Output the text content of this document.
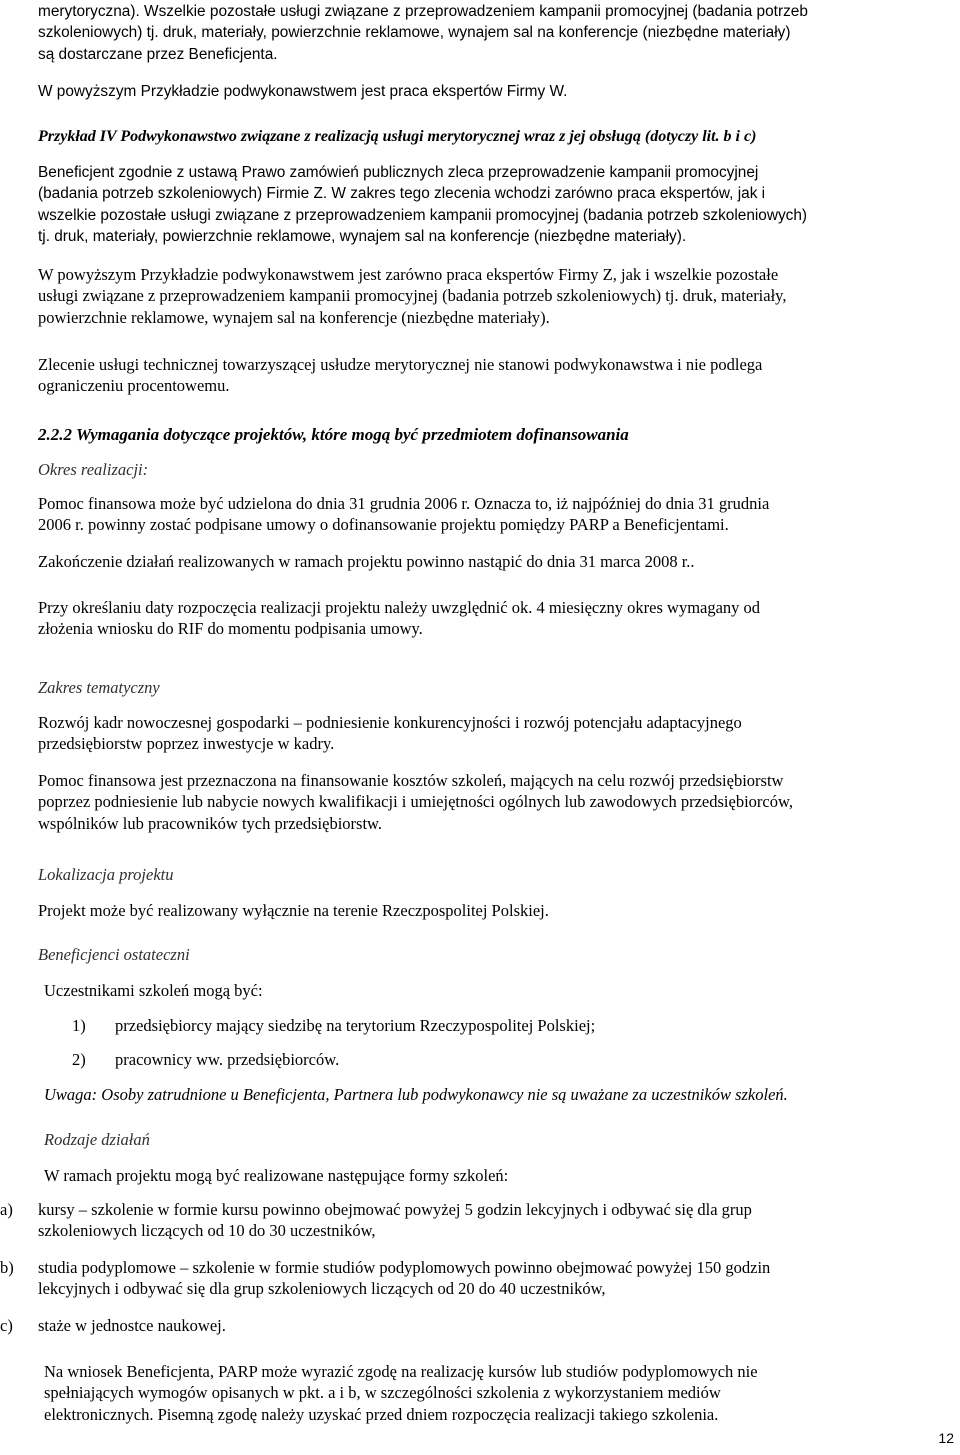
merytoryczna). Wszelkie pozostałe usługi związane z przeprowadzeniem kampanii promocyjnej (badania potrzeb
szkoleniowych) tj. druk, materiały, powierzchnie reklamowe, wynajem sal na konferencje (niezbędne materiały)
są dostarczane przez Beneficjenta.

W powyższym Przykładzie podwykonawstwem jest praca ekspertów Firmy W.

Przykład IV Podwykonawstwo związane z realizacją usługi merytorycznej wraz z jej obsługą (dotyczy lit. b i c)

Beneficjent zgodnie z ustawą Prawo zamówień publicznych zleca przeprowadzenie kampanii promocyjnej
(badania potrzeb szkoleniowych) Firmie Z. W zakres tego zlecenia wchodzi zarówno praca ekspertów, jak i
wszelkie pozostałe usługi związane z przeprowadzeniem kampanii promocyjnej (badania potrzeb szkoleniowych)
tj. druk, materiały, powierzchnie reklamowe, wynajem sal na konferencje (niezbędne materiały).

W powyższym Przykładzie podwykonawstwem jest zarówno praca ekspertów Firmy Z, jak i wszelkie pozostałe
usługi związane z przeprowadzeniem kampanii promocyjnej (badania potrzeb szkoleniowych) tj. druk, materiały,
powierzchnie reklamowe, wynajem sal na konferencje (niezbędne materiały).

Zlecenie usługi technicznej towarzyszącej usłudze merytorycznej nie stanowi podwykonawstwa i nie podlega
ograniczeniu procentowemu.

2.2.2 Wymagania dotyczące projektów, które mogą być przedmiotem dofinansowania

Okres realizacji:

Pomoc finansowa może być udzielona do dnia 31 grudnia 2006 r. Oznacza to, iż najpóźniej do dnia 31 grudnia
2006 r. powinny zostać podpisane umowy o dofinansowanie projektu pomiędzy PARP a Beneficjentami.

Zakończenie działań realizowanych w ramach projektu powinno nastąpić do dnia 31 marca 2008 r..

Przy określaniu daty rozpoczęcia realizacji projektu należy uwzględnić ok. 4 miesięczny okres wymagany od
złożenia wniosku do RIF do momentu podpisania umowy.

Zakres tematyczny

Rozwój kadr nowoczesnej gospodarki – podniesienie konkurencyjności i rozwój potencjału adaptacyjnego
przedsiębiorstw poprzez inwestycje w kadry.

Pomoc finansowa jest przeznaczona na finansowanie kosztów szkoleń, mających na celu rozwój przedsiębiorstw
poprzez podniesienie lub nabycie nowych kwalifikacji i umiejętności ogólnych lub zawodowych przedsiębiorców,
wspólników lub pracowników tych przedsiębiorstw.

Lokalizacja projektu

Projekt może być realizowany wyłącznie na terenie Rzeczpospolitej Polskiej.

Beneficjenci ostateczni

Uczestnikami szkoleń mogą być:

1) przedsiębiorcy mający siedzibę na terytorium Rzeczypospolitej Polskiej;

2) pracownicy ww. przedsiębiorców.

Uwaga: Osoby zatrudnione u Beneficjenta, Partnera lub podwykonawcy nie są uważane za uczestników szkoleń.

Rodzaje działań

W ramach projektu mogą być realizowane następujące formy szkoleń:

a)	kursy – szkolenie w formie kursu powinno obejmować powyżej 5 godzin lekcyjnych i odbywać się dla grup
szkoleniowych liczących od 10 do 30 uczestników,

b)	studia podyplomowe – szkolenie w formie studiów podyplomowych powinno obejmować powyżej 150 godzin
lekcyjnych i odbywać się dla grup szkoleniowych liczących od 20 do 40 uczestników,

c)	staże w jednostce naukowej.

Na wniosek Beneficjenta, PARP może wyrazić zgodę na realizację kursów lub studiów podyplomowych nie
spełniających wymogów opisanych w pkt. a i b, w szczególności szkolenia z wykorzystaniem mediów
elektronicznych. Pisemną zgodę należy uzyskać przed dniem rozpoczęcia realizacji takiego szkolenia.

12
